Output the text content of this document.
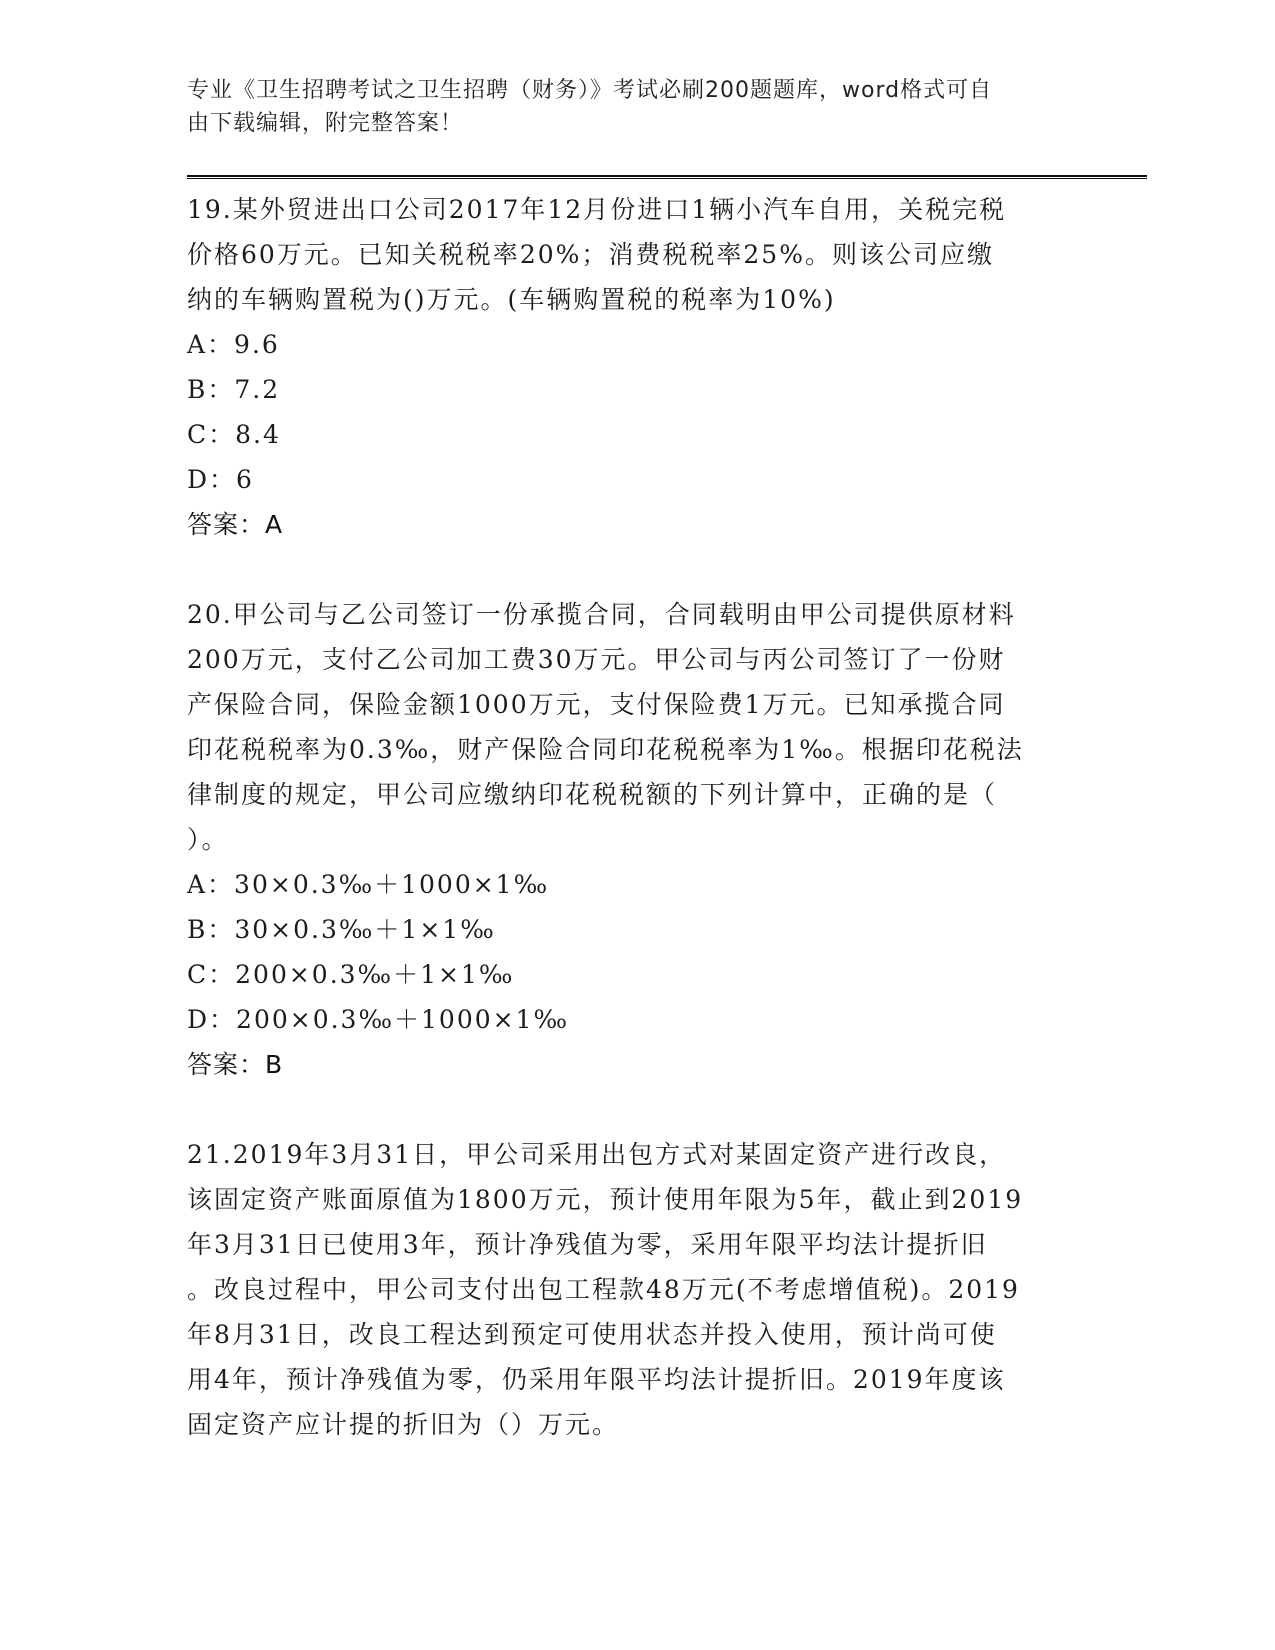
专业《卫生招聘考试之卫生招聘（财务）》考试必刷200题题库，word格式可自
由下载编辑，附完整答案！
19.某外贸进出口公司2017年12月份进口1辆小汽车自用，关税完税
价格60万元。已知关税税率20%；消费税税率25%。则该公司应缴
纳的车辆购置税为()万元。(车辆购置税的税率为10%)
A：9.6
B：7.2
C：8.4
D：6
答案：A
20.甲公司与乙公司签订一份承揽合同，合同载明由甲公司提供原材料
200万元，支付乙公司加工费30万元。甲公司与丙公司签订了一份财
产保险合同，保险金额1000万元，支付保险费1万元。已知承揽合同
印花税税率为0.3‰，财产保险合同印花税税率为1‰。根据印花税法
律制度的规定，甲公司应缴纳印花税税额的下列计算中，正确的是（
）。
A：30×0.3‰＋1000×1‰
B：30×0.3‰＋1×1‰
C：200×0.3‰＋1×1‰
D：200×0.3‰＋1000×1‰
答案：B
21.2019年3月31日，甲公司采用出包方式对某固定资产进行改良，
该固定资产账面原值为1800万元，预计使用年限为5年，截止到2019
年3月31日已使用3年，预计净残值为零，采用年限平均法计提折旧
。改良过程中，甲公司支付出包工程款48万元(不考虑增值税)。2019
年8月31日，改良工程达到预定可使用状态并投入使用，预计尚可使
用4年，预计净残值为零，仍采用年限平均法计提折旧。2019年度该
固定资产应计提的折旧为（）万元。
